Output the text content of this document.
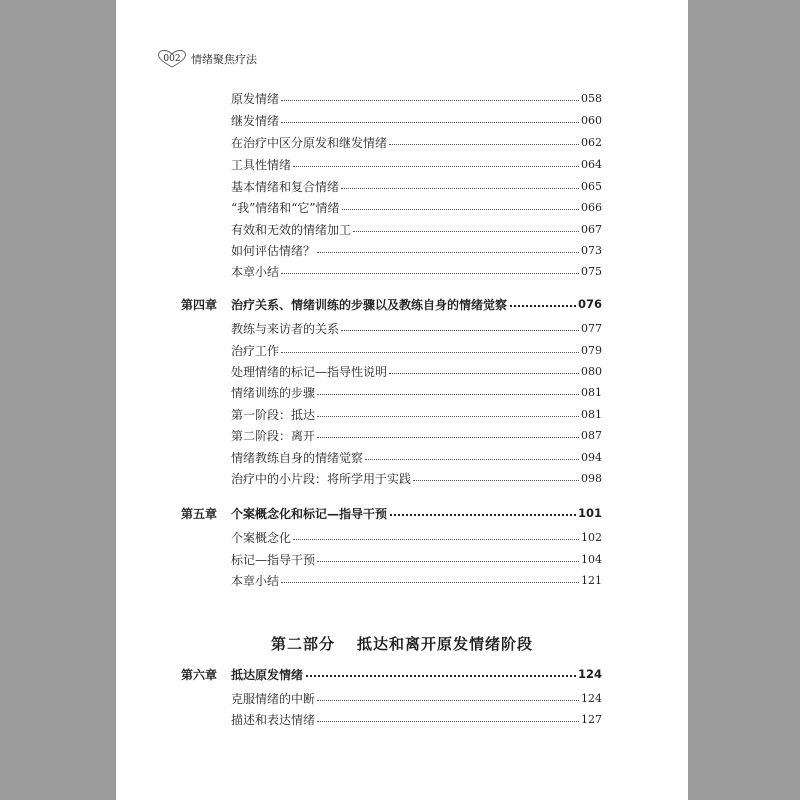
002 情绪聚焦疗法
原发情绪	058
继发情绪	060
在治疗中区分原发和继发情绪	062
工具性情绪	064
基本情绪和复合情绪	065
“我”情绪和“它”情绪	066
有效和无效的情绪加工	067
如何评估情绪？	073
本章小结	075
第四章	治疗关系、情绪训练的步骤以及教练自身的情绪觉察	076
教练与来访者的关系	077
治疗工作	079
处理情绪的标记—指导性说明	080
情绪训练的步骤	081
第一阶段：抵达	081
第二阶段：离开	087
情绪教练自身的情绪觉察	094
治疗中的小片段：将所学用于实践	098
第五章	个案概念化和标记—指导干预	101
个案概念化	102
标记—指导干预	104
本章小结	121
第二部分 抵达和离开原发情绪阶段
第六章	抵达原发情绪	124
克服情绪的中断	124
描述和表达情绪	127
